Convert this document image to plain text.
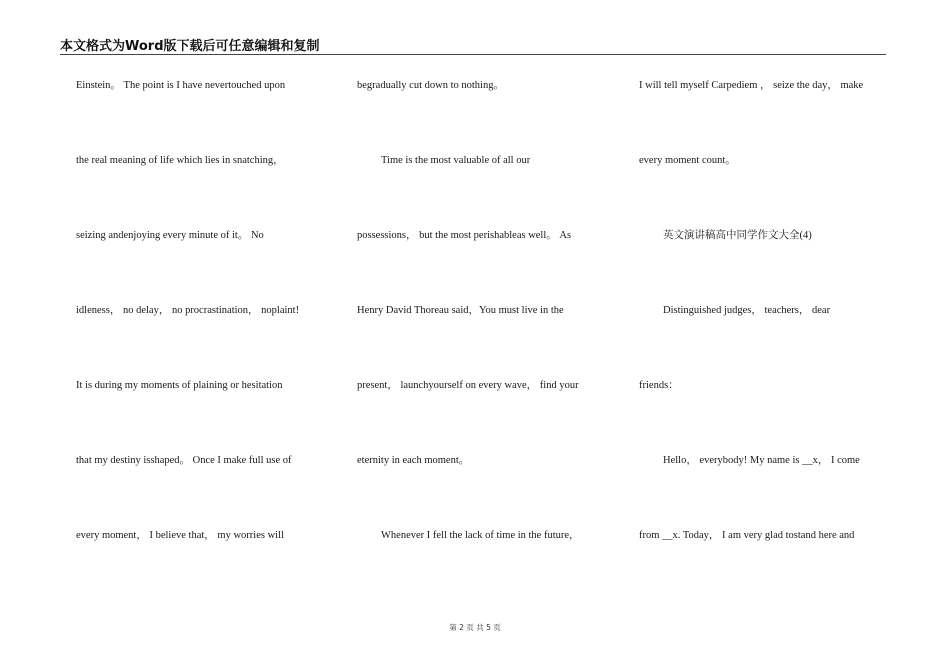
本文格式为Word版下载后可任意编辑和复制
Einstein。 The point is I have nevertouched upon
the real meaning of life which lies in snatching，
seizing andenjoying every minute of it。 No
idleness， no delay， no procrastination， noplaint!
It is during my moments of plaining or hesitation
that my destiny isshaped。 Once I make full use of
every moment， I believe that， my worries will
begradually cut down to nothing。
Time is the most valuable of all our
possessions， but the most perishableas well。 As
Henry David Thoreau said，You must live in the
present， launchyourself on every wave， find your
eternity in each moment。
Whenever I fell the lack of time in the future，
I will tell myself Carpediem ， seize the day， make
every moment count。
英文演讲稿高中同学作文大全(4)
Distinguished judges， teachers， dear
friends：
Hello， everybody! My name is __x， I come
from __x. Today， I am very glad tostand here and
第 2 页 共 5 页
